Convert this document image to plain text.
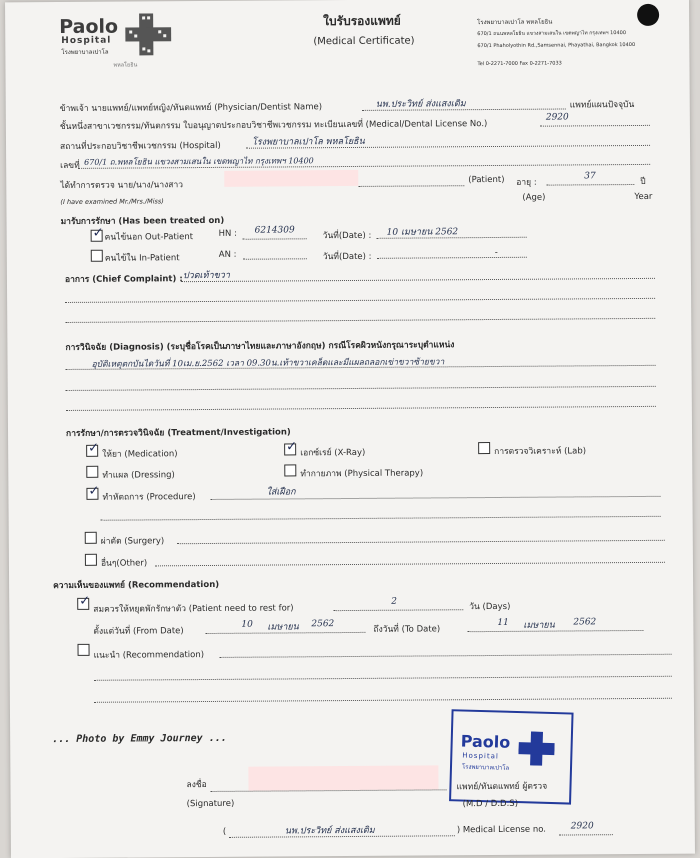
Paolo
Hospital
โรงพยาบาลเปาโล
พหลโยธิน
ใบรับรองแพทย์
(Medical Certificate)
โรงพยาบาลเปาโล พหลโยธิน
670/1 ถนนพหลโยธิน แขวงสามเสนใน เขตพญาไท กรุงเทพฯ 10400
670/1 Phaholyothin Rd.,Samsennai, Phayathai, Bangkok 10400
Tel 0-2271-7000 Fax 0-2271-7033
ข้าพเจ้า นายแพทย์/แพทย์หญิง/ทันตแพทย์ (Physician/Dentist Name)	นพ.ประวิทย์ ส่งแสงเติม	แพทย์แผนปัจจุบัน
ชั้นหนึ่งสาขาเวชกรรม/ทันตกรรม ใบอนุญาตประกอบวิชาชีพเวชกรรม ทะเบียนเลขที่ (Medical/Dental License No.)
2920
สถานที่ประกอบวิชาชีพเวชกรรม (Hospital)	โรงพยาบาลเปาโล พหลโยธิน
เลขที่ 670/1 ถ.พหลโยธิน แขวงสามเสนใน เขตพญาไท กรุงเทพฯ 10400
ได้ทำการตรวจ นาย/นาง/นางสาว
(Patient) อายุ :
37
ปี
(I have examined Mr./Mrs./Miss)	(Age)	Year
มารับการรักษา (Has been treated on)
✓
คนไข้นอก Out-Patient	HN : 6214309
วันที่(Date) : 10 เมษายน 2562
คนไข้ใน In-Patient	AN :	วันที่(Date) :	-
อาการ (Chief Complaint) : ปวดเท้าขวา
การวินิจฉัย (Diagnosis) (ระบุชื่อโรคเป็นภาษาไทยและภาษาอังกฤษ) กรณีโรคผิวหนังกรุณาระบุตำแหน่ง
อุบัติเหตุตกบันไดวันที่ 10เม.ย.2562 เวลา 09.30น.เท้าขวาเคล็ดและมีแผลถลอกเข่าขวาซ้ายขวา
การรักษา/การตรวจวินิจฉัย (Treatment/Investigation)
✓
ให้ยา (Medication)
✓	เอกซ์เรย์ (X-Ray)	การตรวจวิเคราะห์ (Lab)
ทำแผล (Dressing)	ทำกายภาพ (Physical Therapy)
✓
ทำหัตถการ (Procedure)	ใส่เฝือก
ผ่าตัด (Surgery)
อื่นๆ(Other)
ความเห็นของแพทย์ (Recommendation)
✓
สมควรให้หยุดพักรักษาตัว (Patient need to rest for)
2
วัน (Days)
ตั้งแต่วันที่ (From Date)
10 เมษายน 2562
ถึงวันที่ (To Date)
11 เมษายน 2562
แนะนำ (Recommendation)
... Photo by Emmy Journey ...	Paolo
Hospital
โรงพยาบาลเปาโล
ลงชื่อ	แพทย์/ทันตแพทย์ ผู้ตรวจ
(Signature)	(M.D / D.D.S)
(	นพ.ประวิทย์ ส่งแสงเติม	) Medical License no.	2920
